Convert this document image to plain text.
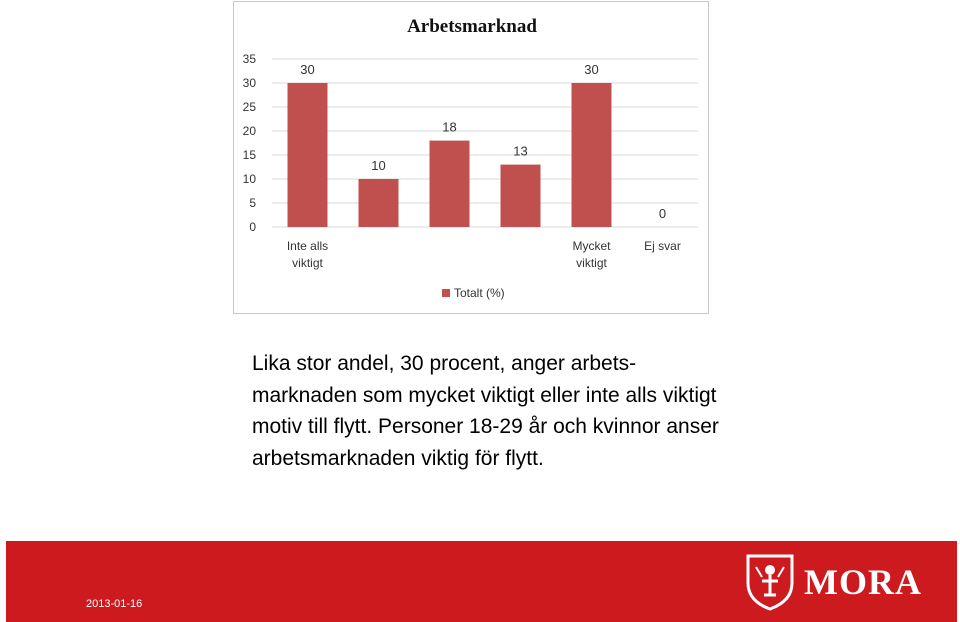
Arbetsmarknad
0
5
10
15
20
25
30
35
30
10
18
13
30
0
Inte alls
viktigt
Mycket
viktigt
Ej svar
Totalt (%)

Lika stor andel, 30 procent, anger arbets-marknaden som mycket viktigt eller inte alls viktigt motiv till flytt. Personer 18-29 år och kvinnor anser arbetsmarknaden viktig för flytt.

2013-01-16
MORA
